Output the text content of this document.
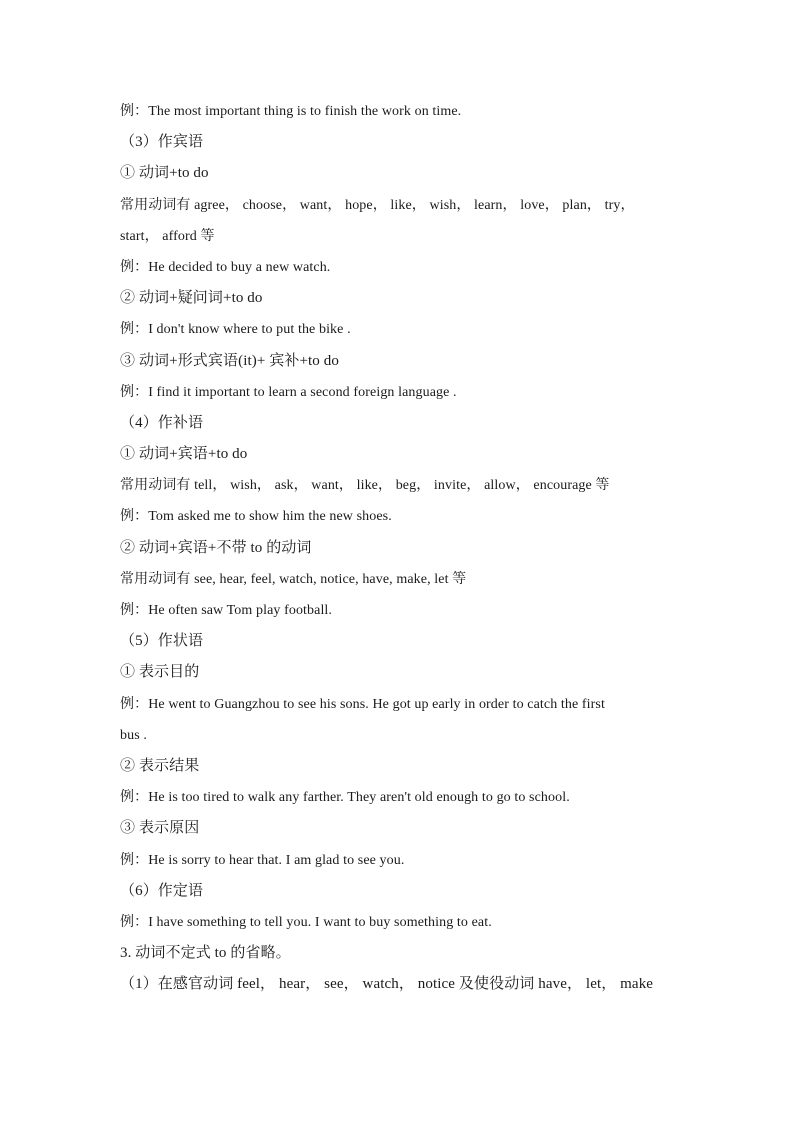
例：The most important thing is to finish the work on time.
（3）作宾语
① 动词+to do
常用动词有 agree， choose， want， hope， like， wish， learn， love， plan， try，
start， afford 等
例：He decided to buy a new watch.
② 动词+疑问词+to do
例：I don't know where to put the bike .
③ 动词+形式宾语(it)+ 宾补+to do
例：I find it important to learn a second foreign language .
（4）作补语
① 动词+宾语+to do
常用动词有 tell， wish， ask， want， like， beg， invite， allow， encourage 等
例：Tom asked me to show him the new shoes.
② 动词+宾语+不带 to 的动词
常用动词有 see, hear, feel, watch, notice, have, make, let 等
例：He often saw Tom play football.
（5）作状语
① 表示目的
例：He went to Guangzhou to see his sons. He got up early in order to catch the first
bus .
② 表示结果
例：He is too tired to walk any farther. They aren't old enough to go to school.
③ 表示原因
例：He is sorry to hear that. I am glad to see you.
（6）作定语
例：I have something to tell you. I want to buy something to eat.
3. 动词不定式 to 的省略。
（1）在感官动词 feel， hear， see， watch， notice 及使役动词 have， let， make
